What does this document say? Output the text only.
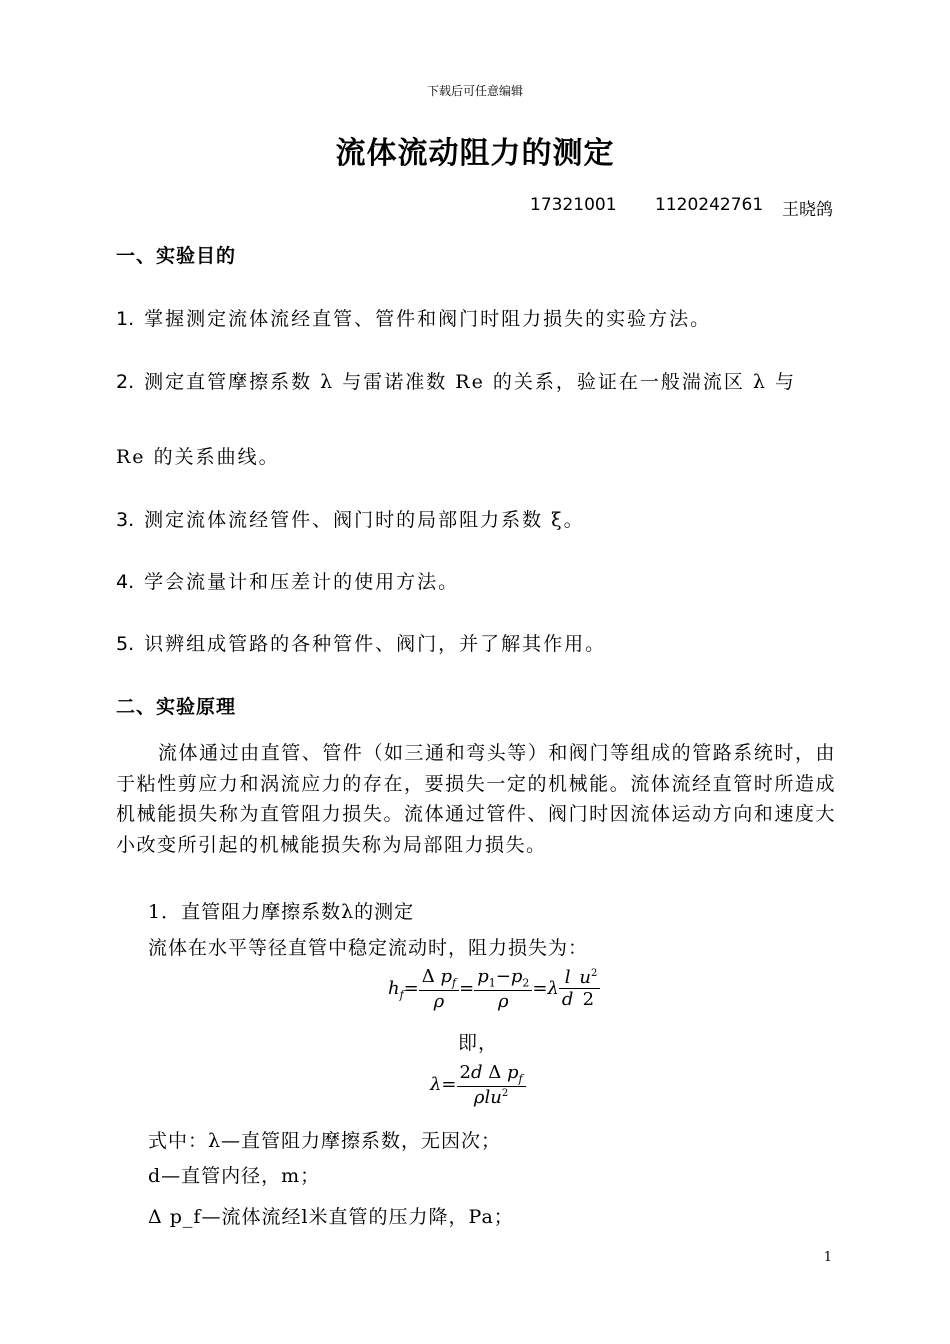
下载后可任意编辑
流体流动阻力的测定
17321001 1120242761 王晓鸽
一、实验目的
1. 掌握测定流体流经直管、管件和阀门时阻力损失的实验方法。
2. 测定直管摩擦系数 λ 与雷诺准数 Re 的关系，验证在一般湍流区 λ 与
Re 的关系曲线。
3. 测定流体流经管件、阀门时的局部阻力系数 ξ。
4. 学会流量计和压差计的使用方法。
5. 识辨组成管路的各种管件、阀门，并了解其作用。
二、实验原理
流体通过由直管、管件（如三通和弯头等）和阀门等组成的管路系统时，由于粘性剪应力和涡流应力的存在，要损失一定的机械能。流体流经直管时所造成机械能损失称为直管阻力损失。流体通过管件、阀门时因流体运动方向和速度大小改变所引起的机械能损失称为局部阻力损失。
1．直管阻力摩擦系数λ的测定
流体在水平等径直管中稳定流动时，阻力损失为：
$h_f= \frac{\Delta p_f}{\rho} = \frac{p_1-p_2}{\rho} =\lambda \frac{l}{d} \frac{u^2}{2}$
即，
$\lambda= \frac{2d \Delta p_f}{\rho lu^2}$
式中：λ—直管阻力摩擦系数，无因次；
d—直管内径，m；
Δ p_f—流体流经l米直管的压力降，Pa；
1
